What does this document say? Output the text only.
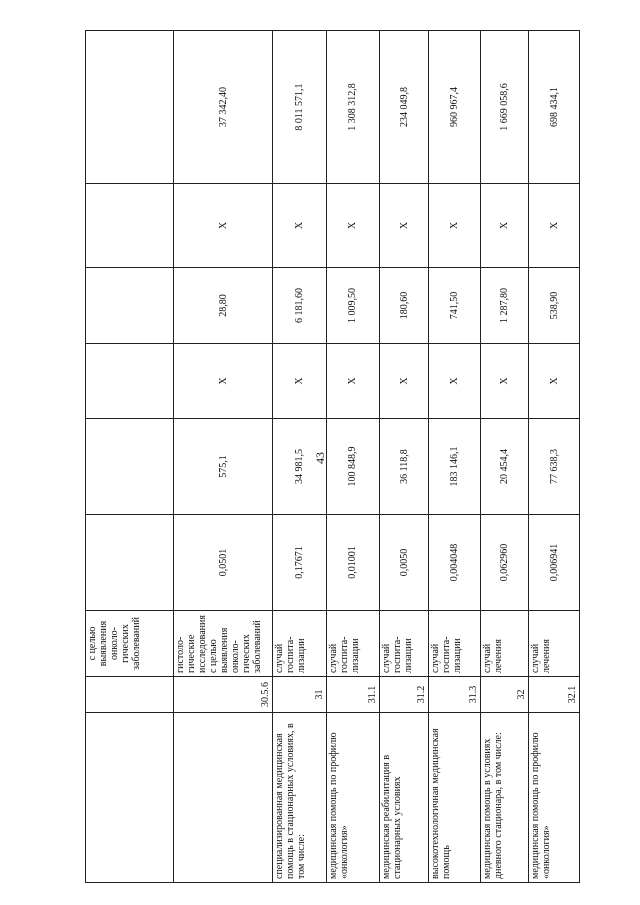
43
		с целью выявления онколо-гических заболеваний						
	30.5.6	гистоло-гические исследования с целью выявления онколо-гических заболеваний	0,0501	575,1	X	28,80	X	37 342,40
специализированная медицинская помощь в стационарных условиях, в том числе:	31	случай госпита-лизации	0,17671	34 981,5	X	6 181,60	X	8 011 571,1
медицинская помощь по профилю «онкология»	31.1	случай госпита-лизации	0,01001	100 848,9	X	1 009,50	X	1 308 312,8
медицинская реабилитация в стационарных условиях	31.2	случай госпита-лизации	0,0050	36 118,8	X	180,60	X	234 049,8
высокотехнологичная медицинская помощь	31.3	случай госпита-лизации	0,004048	183 146,1	X	741,50	X	960 967,4
медицинская помощь в условиях дневного стационара, в том числе:	32	случай лечения	0,062960	20 454,4	X	1 287,80	X	1 669 058,6
медицинская помощь по профилю «онкология»	32.1	случай лечения	0,006941	77 638,3	X	538,90	X	698 434,1
